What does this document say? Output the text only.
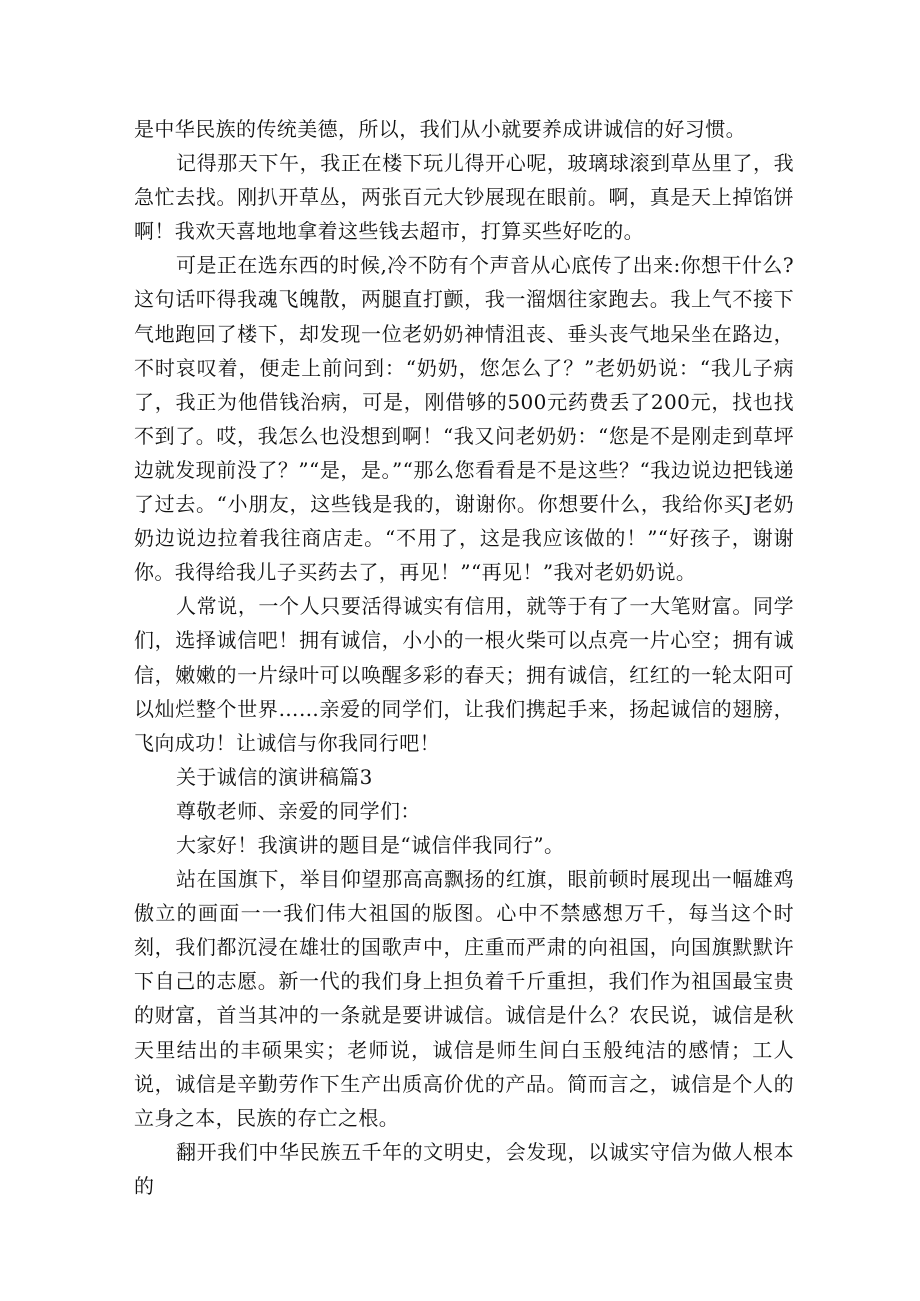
是中华民族的传统美德，所以，我们从小就要养成讲诚信的好习惯。

记得那天下午，我正在楼下玩儿得开心呢，玻璃球滚到草丛里了，我急忙去找。刚扒开草丛，两张百元大钞展现在眼前。啊，真是天上掉馅饼啊！我欢天喜地地拿着这些钱去超市，打算买些好吃的。

可是正在选东西的时候,冷不防有个声音从心底传了出来:你想干什么?这句话吓得我魂飞魄散，两腿直打颤，我一溜烟往家跑去。我上气不接下气地跑回了楼下，却发现一位老奶奶神情沮丧、垂头丧气地呆坐在路边，不时哀叹着，便走上前问到：“奶奶，您怎么了？”老奶奶说：“我儿子病了，我正为他借钱治病，可是，刚借够的500元药费丢了200元，找也找不到了。哎，我怎么也没想到啊！“我又问老奶奶：“您是不是刚走到草坪边就发现前没了？”“是，是。”“那么您看看是不是这些？“我边说边把钱递了过去。“小朋友，这些钱是我的，谢谢你。你想要什么，我给你买J老奶奶边说边拉着我往商店走。“不用了，这是我应该做的！”“好孩子，谢谢你。我得给我儿子买药去了，再见！”“再见！”我对老奶奶说。

人常说，一个人只要活得诚实有信用，就等于有了一大笔财富。同学们，选择诚信吧！拥有诚信，小小的一根火柴可以点亮一片心空；拥有诚信，嫩嫩的一片绿叶可以唤醒多彩的春天；拥有诚信，红红的一轮太阳可以灿烂整个世界……亲爱的同学们，让我们携起手来，扬起诚信的翅膀，飞向成功！让诚信与你我同行吧！

关于诚信的演讲稿篇3

尊敬老师、亲爱的同学们：

大家好！我演讲的题目是“诚信伴我同行”。

站在国旗下，举目仰望那高高飘扬的红旗，眼前顿时展现出一幅雄鸡傲立的画面一一我们伟大祖国的版图。心中不禁感想万千，每当这个时刻，我们都沉浸在雄壮的国歌声中，庄重而严肃的向祖国，向国旗默默许下自己的志愿。新一代的我们身上担负着千斤重担，我们作为祖国最宝贵的财富，首当其冲的一条就是要讲诚信。诚信是什么？农民说，诚信是秋天里结出的丰硕果实；老师说，诚信是师生间白玉般纯洁的感情；工人说，诚信是辛勤劳作下生产出质高价优的产品。简而言之，诚信是个人的立身之本，民族的存亡之根。

翻开我们中华民族五千年的文明史，会发现，以诚实守信为做人根本的
